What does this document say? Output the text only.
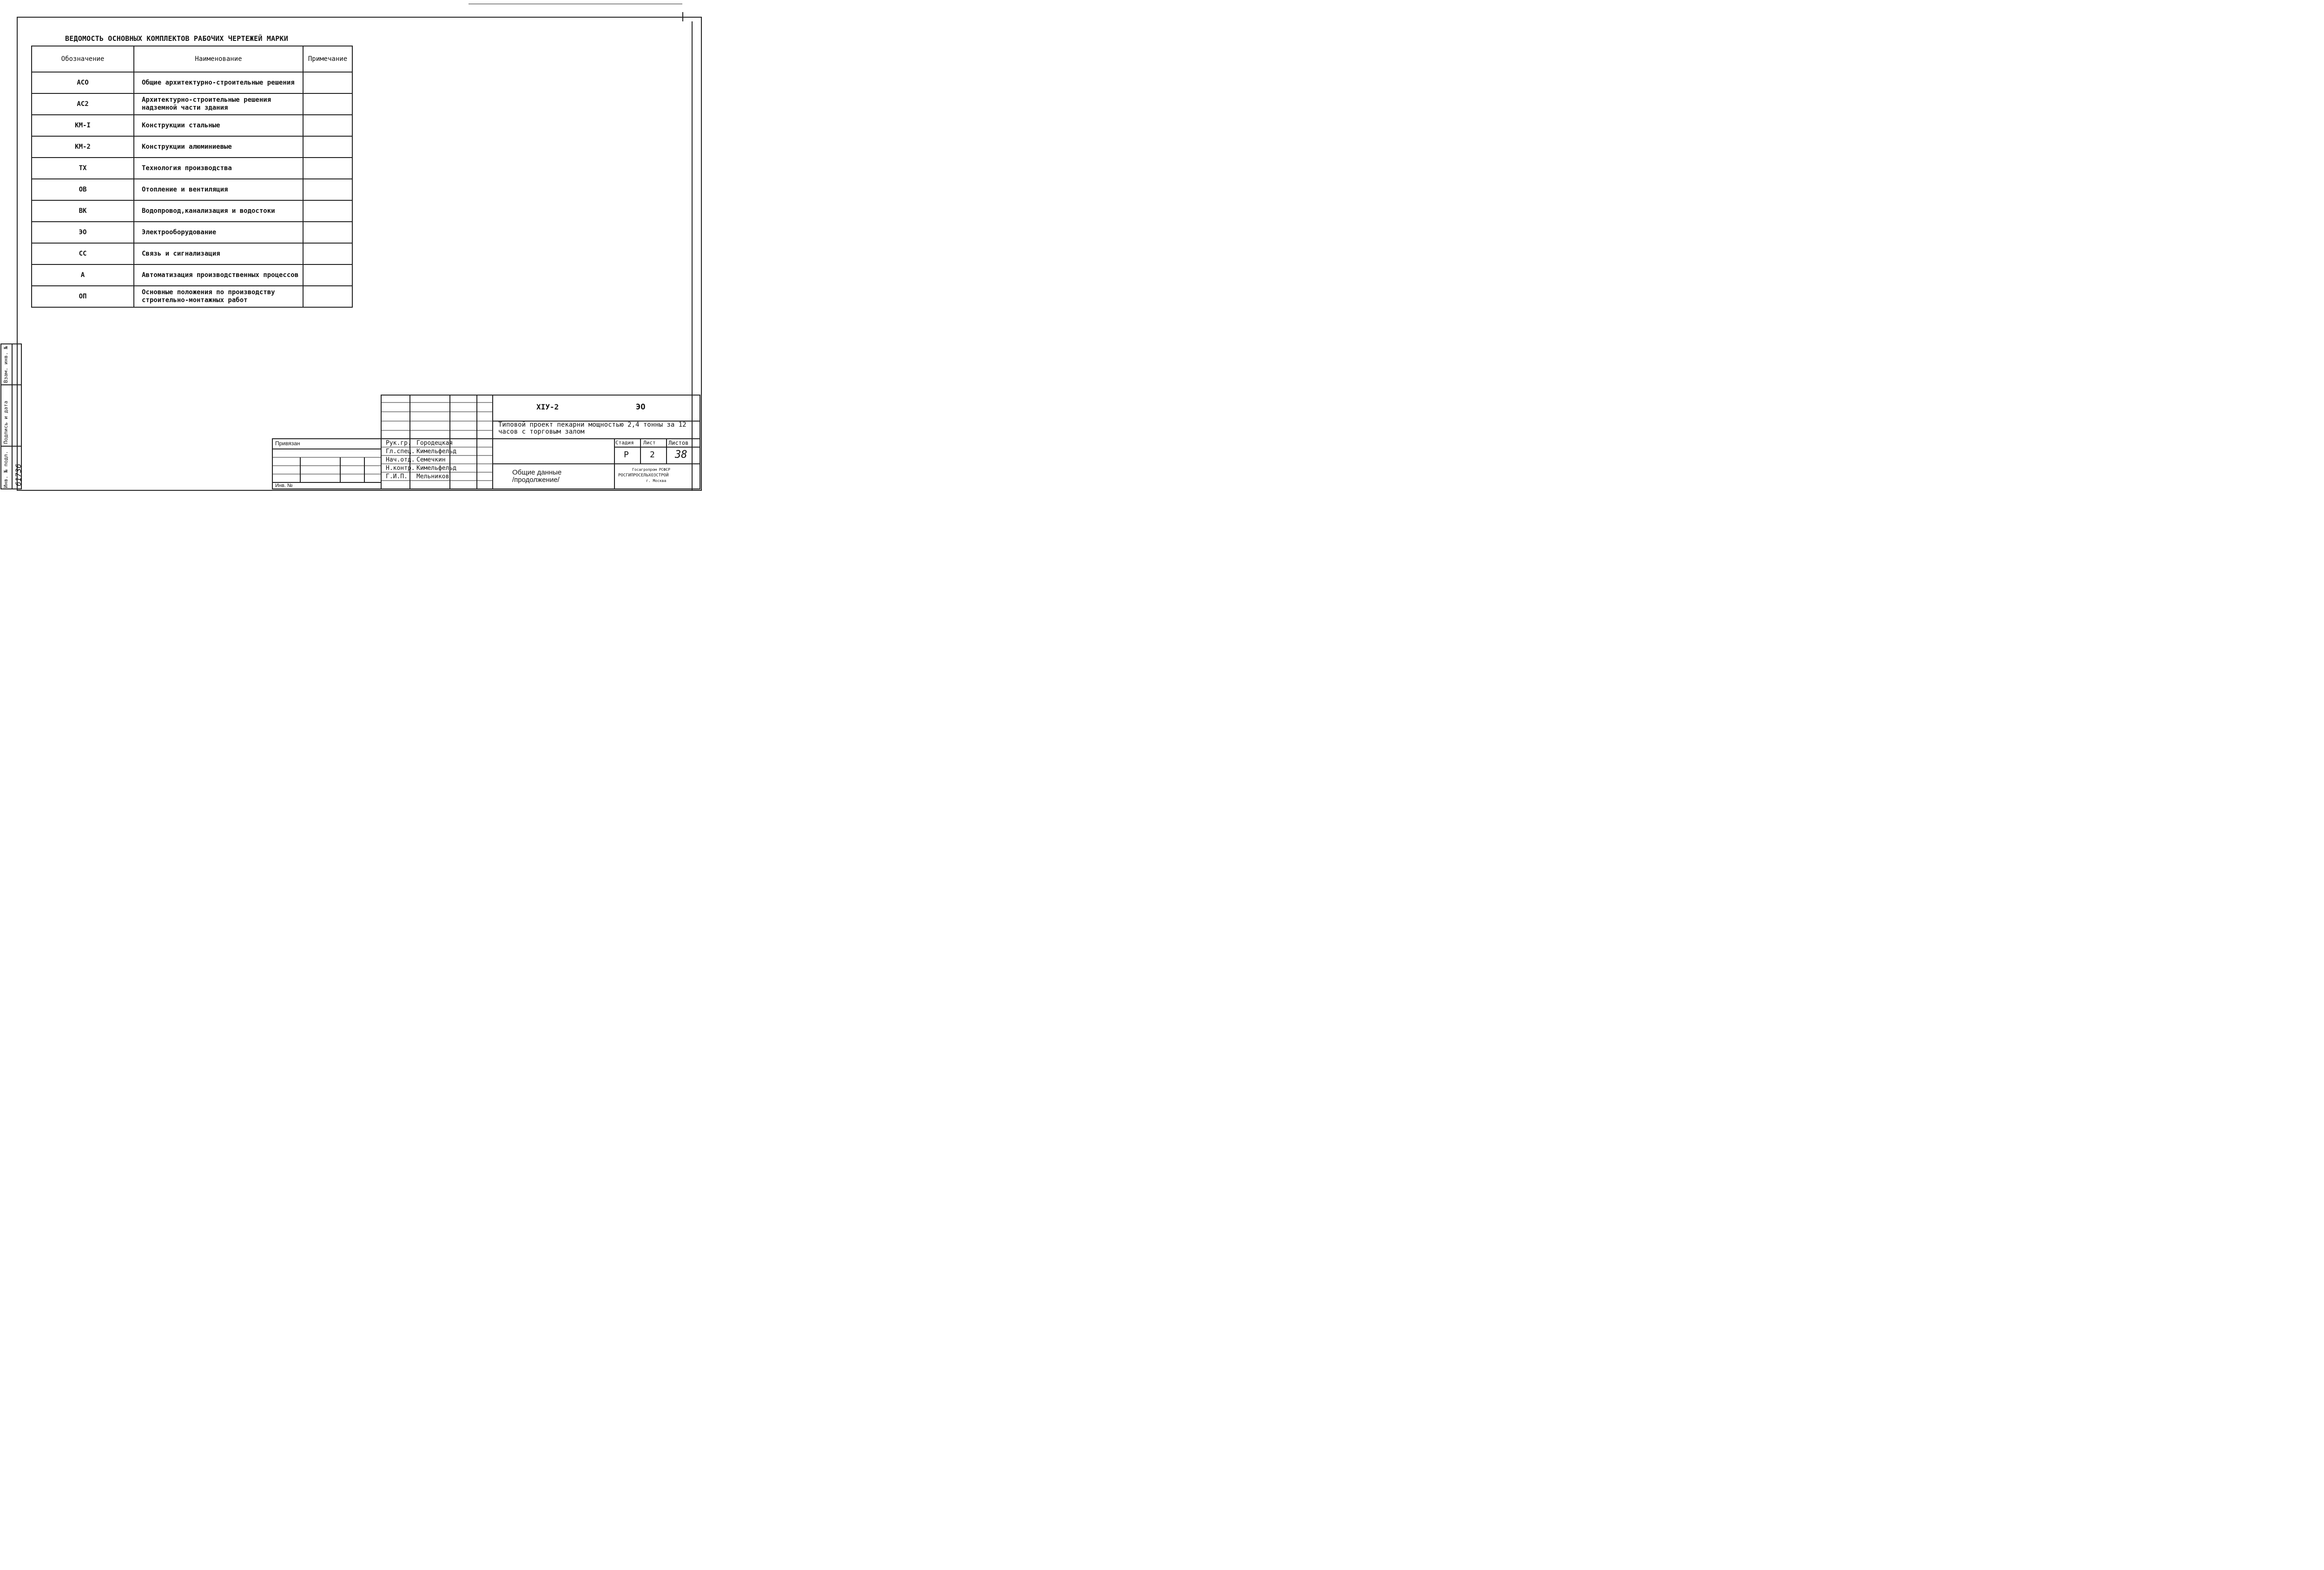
ВЕДОМОСТЬ ОСНОВНЫХ КОМПЛЕКТОВ РАБОЧИХ ЧЕРТЕЖЕЙ МАРКИ
Обозначение	Наименование	Примечание
АСО	Общие архитектурно-строительные решения	
АС2	Архитектурно-строительные решения надземной части здания	
КМ-I	Конструкции стальные	
КМ-2	Конструкции алюминиевые	
ТХ	Технология производства	
ОВ	Отопление и вентиляция	
ВК	Водопровод,канализация и водостоки	
ЭО	Электрооборудование	
СС	Связь и сигнализация	
А	Автоматизация производственных процессов	
ОП	Основные положения по производству строительно-монтажных работ	
XIУ-2	ЭО
Типовой проект пекарни мощностью 2,4 тонны за 12 часов с торговым залом
Общие данные
/продолжение/
Стадия Лист Листов
Р	2 38
Госагропром РСФСР
РОСГИПРОСЕЛЬХОЗСТРОЙ
г. Москва
Привязан
Инв. №
Рук.гр. Городецкая
Гл.спец. Кимельфельд
Нач.отд. Семечкин
Н.контр. Кимельфельд
Г.И.П. Мельников
Инв. № подл.
Подпись и дата
Взам. инв. №
61736
